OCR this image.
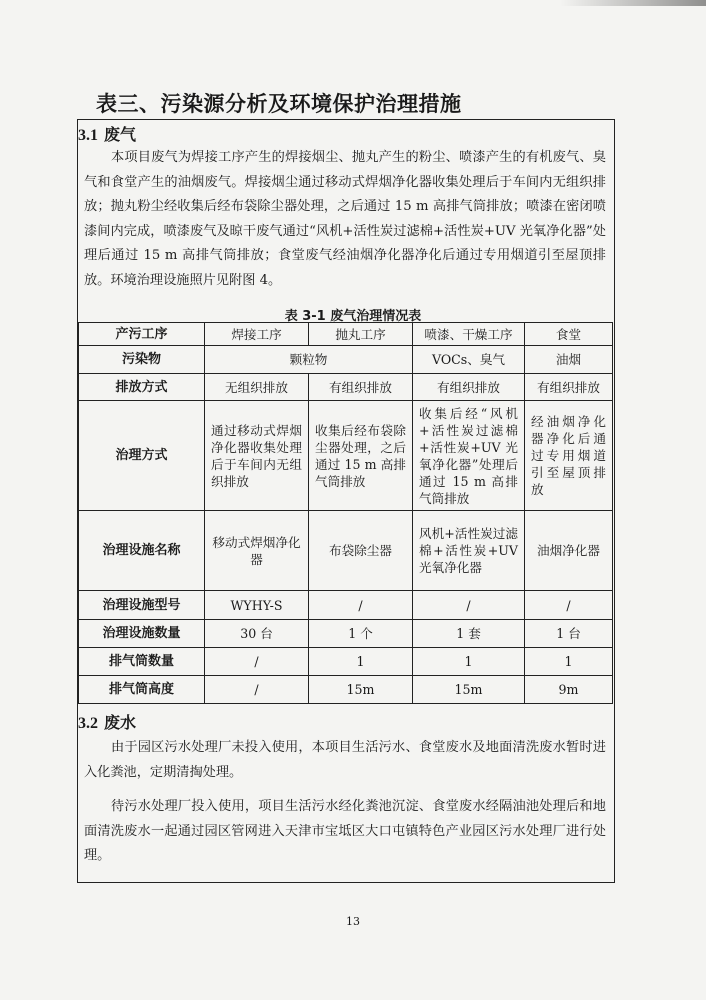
表三、污染源分析及环境保护治理措施
3.1 废气

本项目废气为焊接工序产生的焊接烟尘、抛丸产生的粉尘、喷漆产生的有机废气、臭气和食堂产生的油烟废气。焊接烟尘通过移动式焊烟净化器收集处理后于车间内无组织排放；抛丸粉尘经收集后经布袋除尘器处理，之后通过 15 m 高排气筒排放；喷漆在密闭喷漆间内完成，喷漆废气及晾干废气通过“风机+活性炭过滤棉+活性炭+UV 光氧净化器”处理后通过 15 m 高排气筒排放；食堂废气经油烟净化器净化后通过专用烟道引至屋顶排放。环境治理设施照片见附图 4。

表 3-1 废气治理情况表
产污工序	焊接工序	抛丸工序	喷漆、干燥工序	食堂
污染物	颗粒物		VOCs、臭气	油烟
排放方式	无组织排放	有组织排放	有组织排放	有组织排放
治理方式	通过移动式焊烟净化器收集处理后于车间内无组织排放	收集后经布袋除尘器处理，之后通过 15 m 高排气筒排放	收集后经“风机+活性炭过滤棉+活性炭+UV 光氧净化器”处理后通过 15 m 高排气筒排放	经油烟净化器净化后通过专用烟道引至屋顶排放
治理设施名称	移动式焊烟净化器	布袋除尘器	风机+活性炭过滤棉+活性炭+UV 光氧净化器	油烟净化器
治理设施型号	WYHY-S	/	/	/
治理设施数量	30 台	1 个	1 套	1 台
排气筒数量	/	1	1	1
排气筒高度	/	15m	15m	9m
3.2 废水

由于园区污水处理厂未投入使用，本项目生活污水、食堂废水及地面清洗废水暂时进入化粪池，定期清掏处理。

待污水处理厂投入使用，项目生活污水经化粪池沉淀、食堂废水经隔油池处理后和地面清洗废水一起通过园区管网进入天津市宝坻区大口屯镇特色产业园区污水处理厂进行处理。

13
